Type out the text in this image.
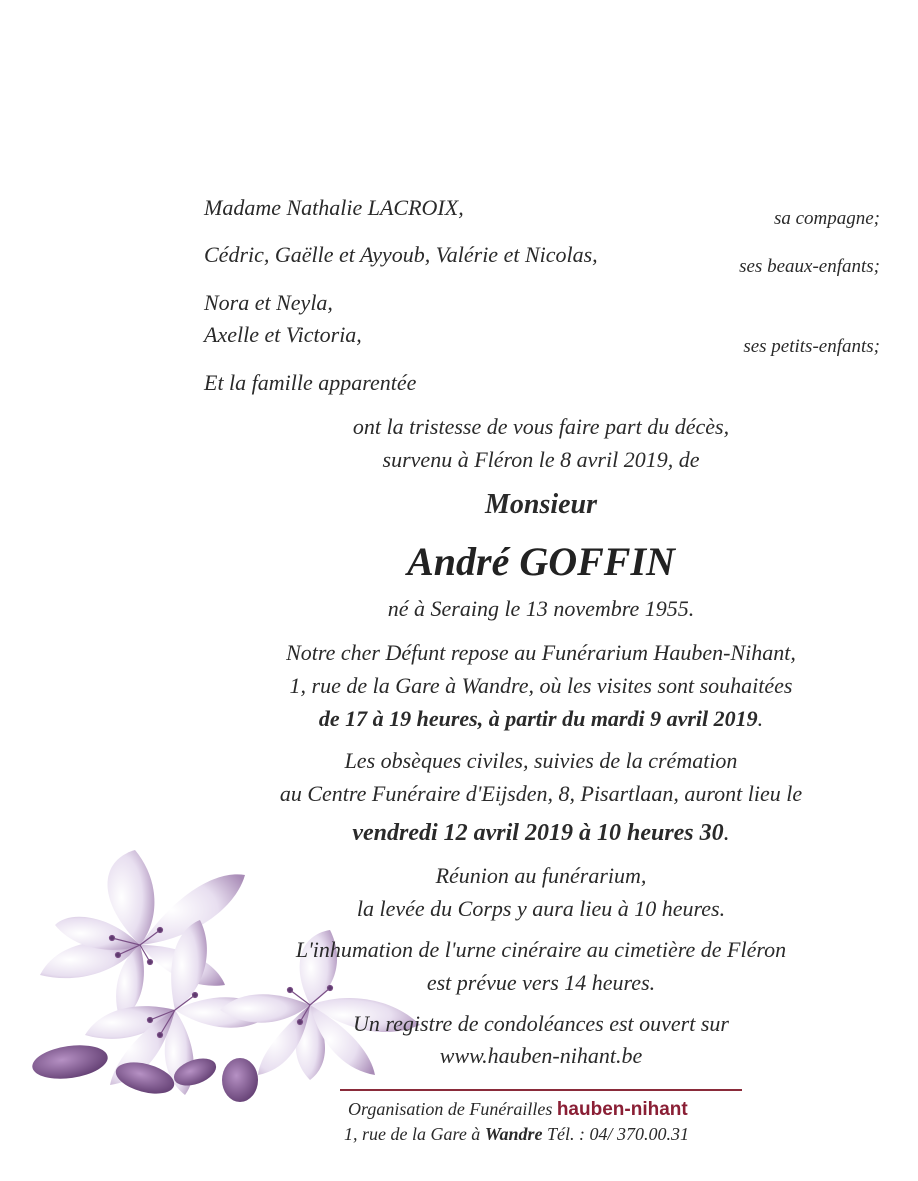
Madame Nathalie LACROIX,	sa compagne;
Cédric, Gaëlle et Ayyoub, Valérie et Nicolas,	ses beaux-enfants;
Nora et Neyla,
Axelle et Victoria,	ses petits-enfants;
Et la famille apparentée
ont la tristesse de vous faire part du décès,
survenu à Fléron le 8 avril 2019, de
Monsieur
André GOFFIN
né à Seraing le 13 novembre 1955.
Notre cher Défunt repose au Funérarium Hauben-Nihant,
1, rue de la Gare à Wandre, où les visites sont souhaitées
de 17 à 19 heures, à partir du mardi 9 avril 2019.
Les obsèques civiles, suivies de la crémation
au Centre Funéraire d'Eijsden, 8, Pisartlaan, auront lieu le
vendredi 12 avril 2019 à 10 heures 30.
Réunion au funérarium,
la levée du Corps y aura lieu à 10 heures.
L'inhumation de l'urne cinéraire au cimetière de Fléron
est prévue vers 14 heures.
Un registre de condoléances est ouvert sur
www.hauben-nihant.be
Organisation de Funérailles hauben-nihant
1, rue de la Gare à Wandre Tél. : 04/ 370.00.31
